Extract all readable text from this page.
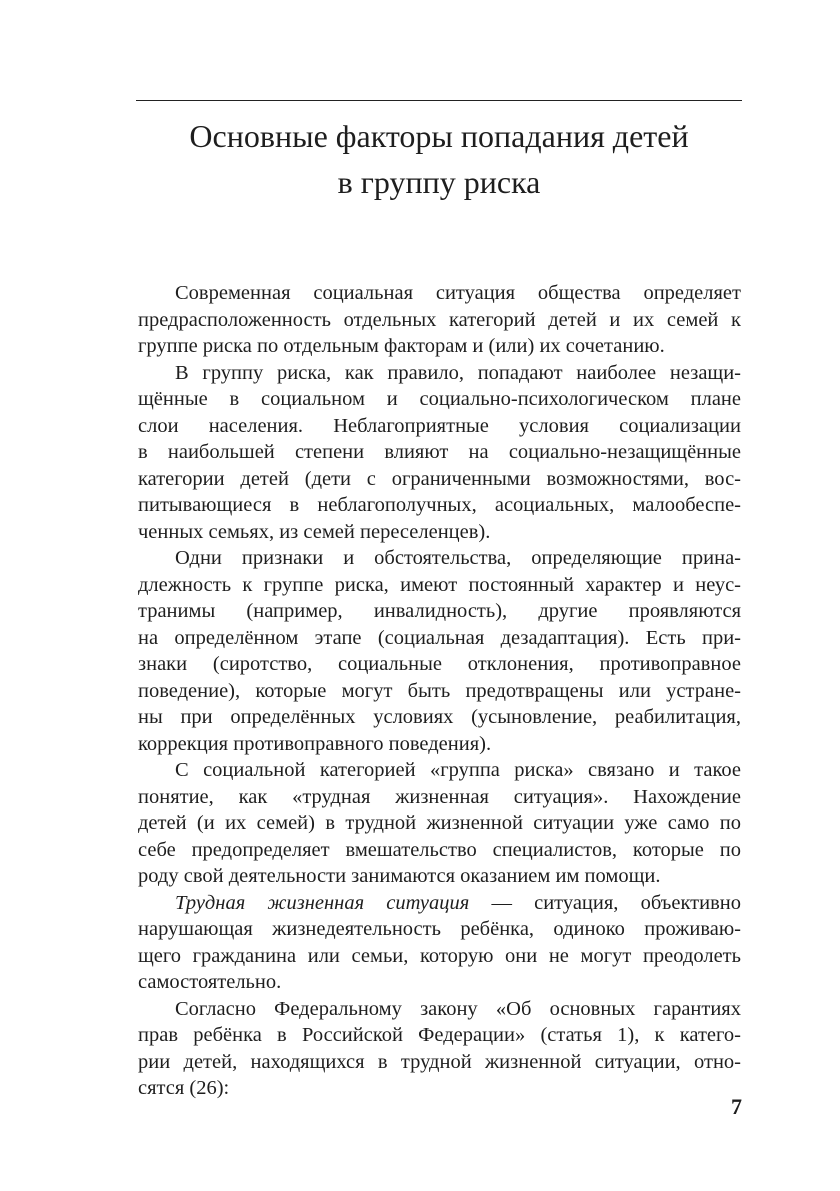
Основные факторы попадания детей
в группу риска

Современная социальная ситуация общества определяет
предрасположенность отдельных категорий детей и их семей к
группе риска по отдельным факторам и (или) их сочетанию.

В группу риска, как правило, попадают наиболее незащи-
щённые в социальном и социально-психологическом плане
слои населения. Неблагоприятные условия социализации
в наибольшей степени влияют на социально-незащищённые
категории детей (дети с ограниченными возможностями, вос-
питывающиеся в неблагополучных, асоциальных, малообеспе-
ченных семьях, из семей переселенцев).

Одни признаки и обстоятельства, определяющие прина-
длежность к группе риска, имеют постоянный характер и неус-
транимы (например, инвалидность), другие проявляются
на определённом этапе (социальная дезадаптация). Есть при-
знаки (сиротство, социальные отклонения, противоправное
поведение), которые могут быть предотвращены или устране-
ны при определённых условиях (усыновление, реабилитация,
коррекция противоправного поведения).

С социальной категорией «группа риска» связано и такое
понятие, как «трудная жизненная ситуация». Нахождение
детей (и их семей) в трудной жизненной ситуации уже само по
себе предопределяет вмешательство специалистов, которые по
роду свой деятельности занимаются оказанием им помощи.

Трудная жизненная ситуация — ситуация, объективно
нарушающая жизнедеятельность ребёнка, одиноко проживаю-
щего гражданина или семьи, которую они не могут преодолеть
самостоятельно.

Согласно Федеральному закону «Об основных гарантиях
прав ребёнка в Российской Федерации» (статья 1), к катего-
рии детей, находящихся в трудной жизненной ситуации, отно-
сятся (26):

7
